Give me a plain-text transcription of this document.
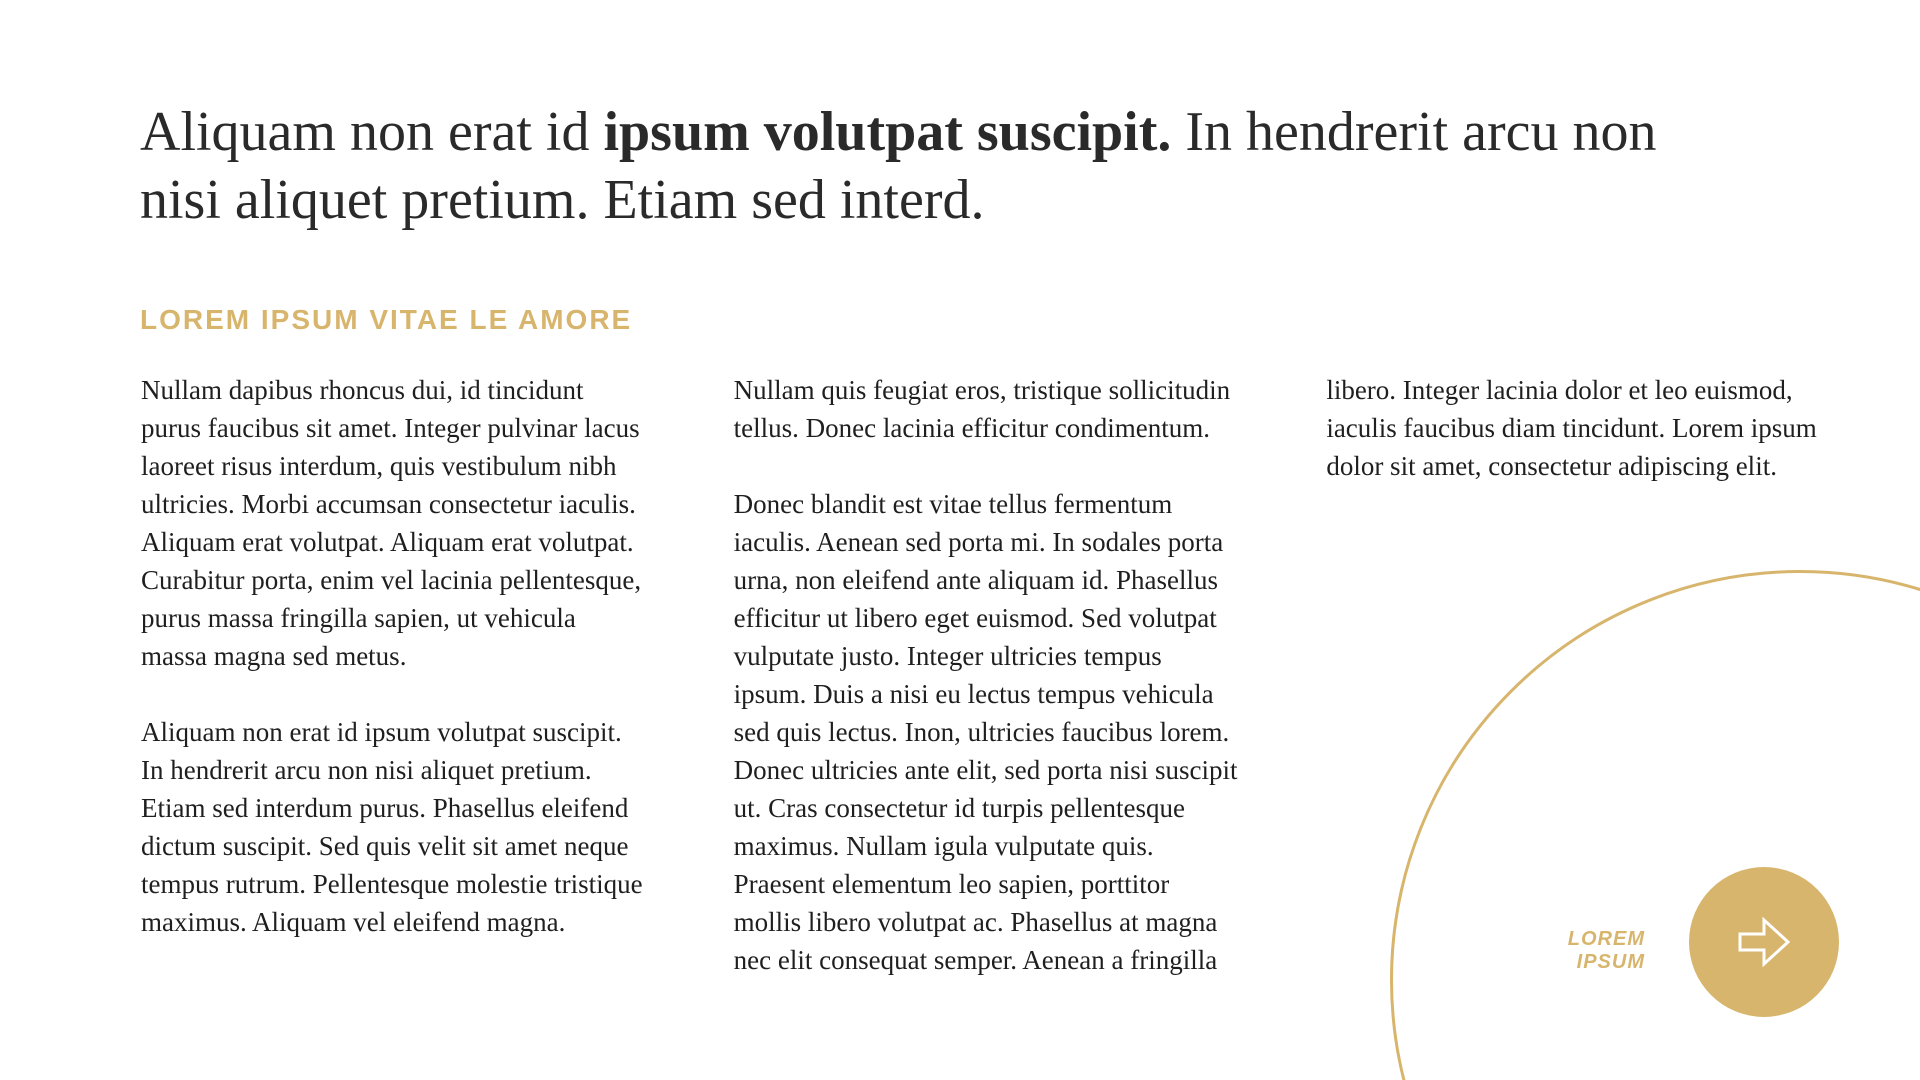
Aliquam non erat id ipsum volutpat suscipit. In hendrerit arcu non nisi aliquet pretium. Etiam sed interd.
LOREM IPSUM VITAE LE AMORE

Nullam dapibus rhoncus dui, id tincidunt purus faucibus sit amet. Integer pulvinar lacus laoreet risus interdum, quis vestibulum nibh ultricies. Morbi accumsan consectetur iaculis. Aliquam erat volutpat. Aliquam erat volutpat. Curabitur porta, enim vel lacinia pellentesque, purus massa fringilla sapien, ut vehicula massa magna sed metus.

Aliquam non erat id ipsum volutpat suscipit. In hendrerit arcu non nisi aliquet pretium. Etiam sed interdum purus. Phasellus eleifend dictum suscipit. Sed quis velit sit amet neque tempus rutrum. Pellentesque molestie tristique maximus. Aliquam vel eleifend magna. Nullam quis feugiat eros, tristique sollicitudin tellus. Donec lacinia efficitur condimentum.

Donec blandit est vitae tellus fermentum iaculis. Aenean sed porta mi. In sodales porta urna, non eleifend ante aliquam id. Phasellus efficitur ut libero eget euismod. Sed volutpat vulputate justo. Integer ultricies tempus ipsum. Duis a nisi eu lectus tempus vehicula sed quis lectus. Inon, ultricies faucibus lorem. Donec ultricies ante elit, sed porta nisi suscipit ut. Cras consectetur id turpis pellentesque maximus. Nullam igula vulputate quis. Praesent elementum leo sapien, porttitor mollis libero volutpat ac. Phasellus at magna nec elit consequat semper. Aenean a fringilla libero. Integer lacinia dolor et leo euismod, iaculis faucibus diam tincidunt. Lorem ipsum dolor sit amet, consectetur adipiscing elit.

LOREM IPSUM
